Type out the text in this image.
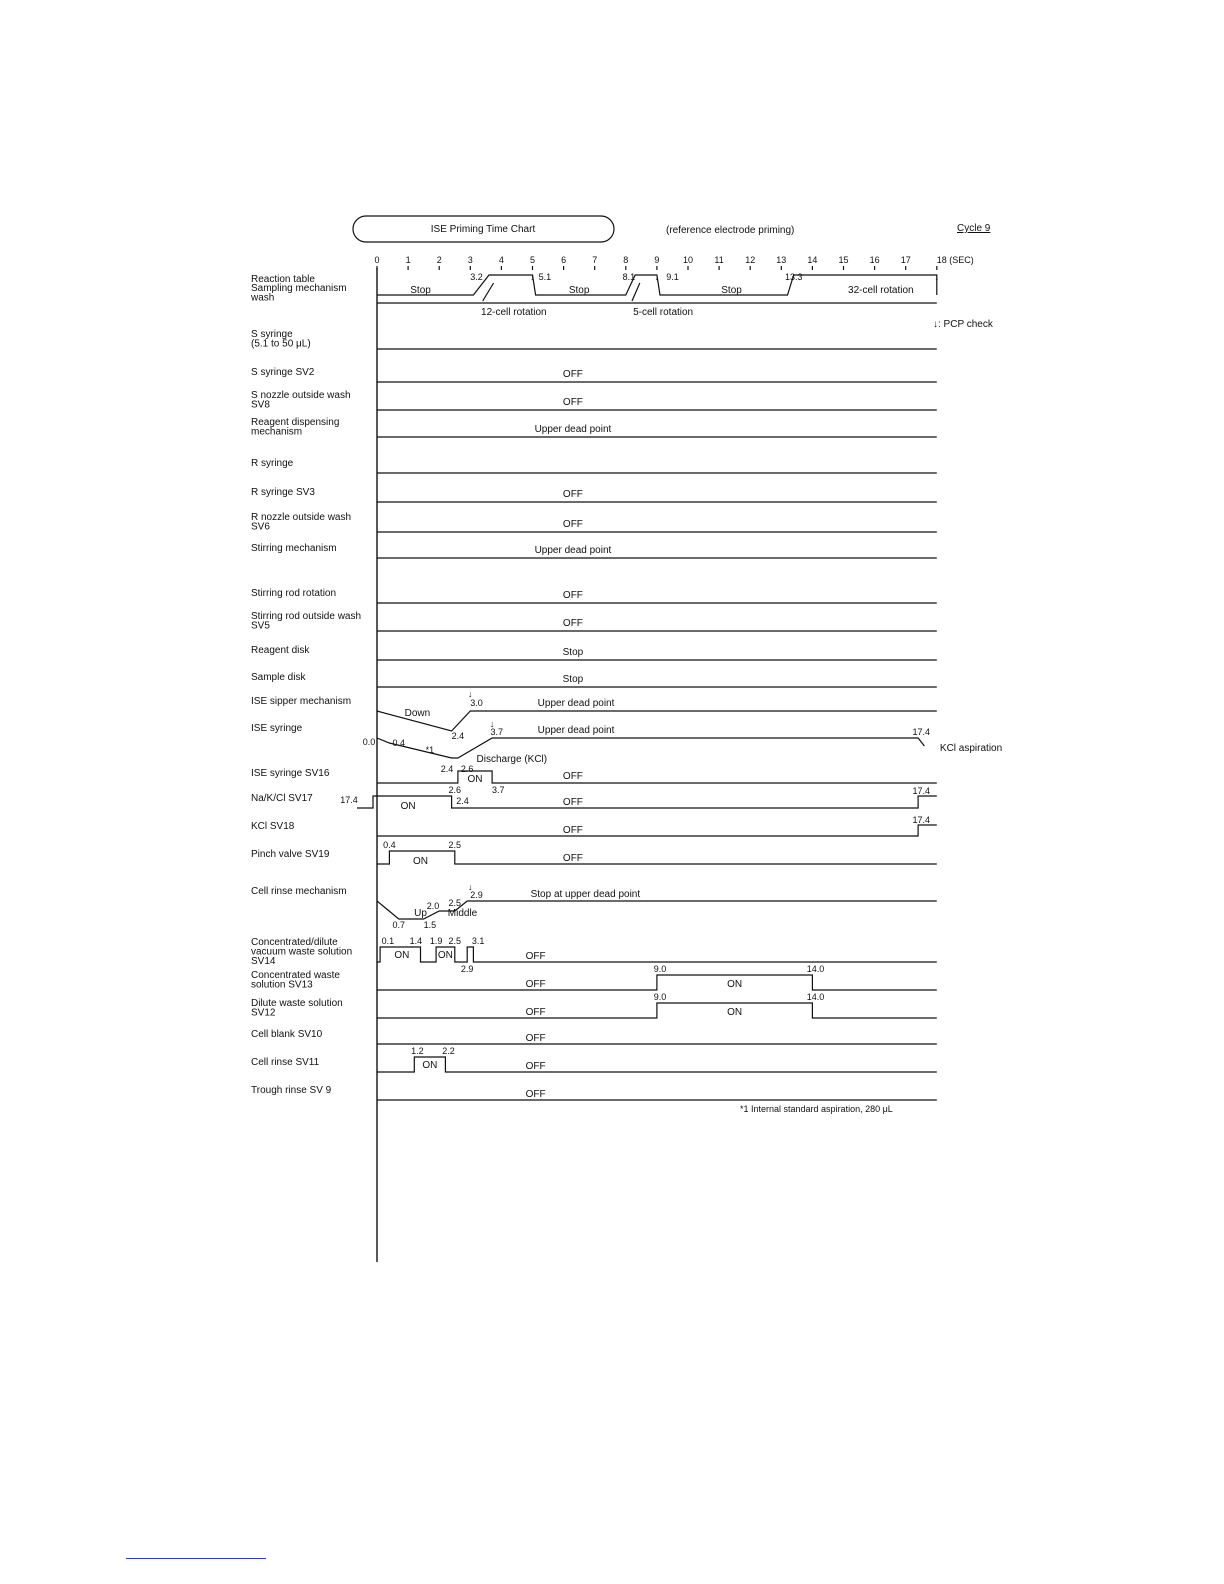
ISE Priming Time Chart	(reference electrode priming)	Cycle 9
0	1	2	3	4	5	6	7	8	9	10 11 12 13 14 15 16 17	18 (SEC)
Reaction table
Sampling mechanism
wash
S syringe
(5.1 to 50 μL)
S syringe SV2
S nozzle outside wash
SV8
Reagent dispensing
mechanism
R syringe
R syringe SV3
R nozzle outside wash
SV6
Stirring mechanism
Stirring rod rotation
Stirring rod outside wash
SV5
Reagent disk
Sample disk
ISE sipper mechanism
ISE syringe
ISE syringe SV16
Na/K/Cl SV17
KCl SV18
Pinch valve SV19
Cell rinse mechanism
Concentrated/dilute
vacuum waste solution
SV14
Concentrated waste
solution SV13
Dilute waste solution
SV12
Cell blank SV10
Cell rinse SV11
Trough rinse SV 9
Stop	Stop	Stop	32-cell rotation
12-cell rotation	5-cell rotation
3.2	5.1	8.1	9.1	13.3
↓	↓	↓
OFF
OFF
Upper dead point
OFF
OFF
Upper dead point
OFF
OFF
Stop
Stop
Down
Upper dead point
2.4
3.0
↓
0.0 0.4
*1
2.4 2.6
3.7
↓
17.4
Discharge (KCl)
Upper dead point
KCl aspiration
ON	OFF
2.6	3.7
17.4
ON	OFF
2.4
17.4
OFF
17.4
0.4	2.5
ON	OFF
0.7 1.5
2.0 2.5
2.9
↓
Up Middle
Stop at upper dead point
0.1 1.4 1.9 2.5 3.1
2.9
ON	ON	OFF
9.0	14.0
ON
OFF
9.0	14.0
ON
OFF
OFF
1.2 2.2
ON	OFF
OFF
↓: PCP check
*1 Internal standard aspiration, 280 μL
